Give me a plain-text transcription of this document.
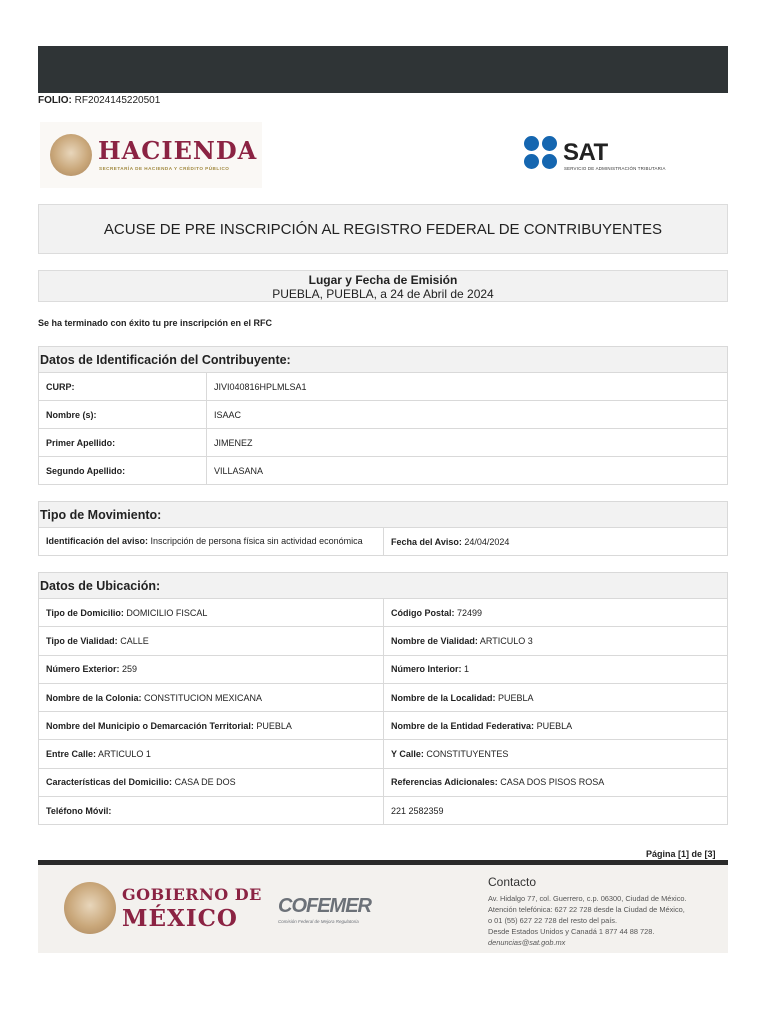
FOLIO: RF2024145220501
HACIENDA
SECRETARÍA DE HACIENDA Y CRÉDITO PÚBLICO
SAT
SERVICIO DE ADMINISTRACIÓN TRIBUTARIA
ACUSE DE PRE INSCRIPCIÓN AL REGISTRO FEDERAL DE CONTRIBUYENTES
Lugar y Fecha de Emisión
PUEBLA, PUEBLA, a 24 de Abril de 2024
Se ha terminado con éxito tu pre inscripción en el RFC
Datos de Identificación del Contribuyente:	
CURP:	JIVI040816HPLMLSA1
Nombre (s):	ISAAC
Primer Apellido:	JIMENEZ
Segundo Apellido:	VILLASANA
Tipo de Movimiento:
Identificación del aviso: Inscripción de persona física sin actividad económica	Fecha del Aviso: 24/04/2024
Datos de Ubicación:	
Tipo de Domicilio: DOMICILIO FISCAL	Código Postal: 72499
Tipo de Vialidad: CALLE	Nombre de Vialidad: ARTICULO 3
Número Exterior: 259	Número Interior: 1
Nombre de la Colonia: CONSTITUCION MEXICANA	Nombre de la Localidad: PUEBLA
Nombre del Municipio o Demarcación Territorial: PUEBLA	Nombre de la Entidad Federativa: PUEBLA
Entre Calle: ARTICULO 1	Y Calle: CONSTITUYENTES
Características del Domicilio: CASA DE DOS	Referencias Adicionales: CASA DOS PISOS ROSA
Teléfono Móvil:	221 2582359
Página [1] de [3]
GOBIERNO DE
MÉXICO COFEMER
Comisión Federal de Mejora Regulatoria
Contacto
Av. Hidalgo 77, col. Guerrero, c.p. 06300, Ciudad de México.
Atención telefónica: 627 22 728 desde la Ciudad de México,
o 01 (55) 627 22 728 del resto del país.
Desde Estados Unidos y Canadá 1 877 44 88 728.
denuncias@sat.gob.mx
